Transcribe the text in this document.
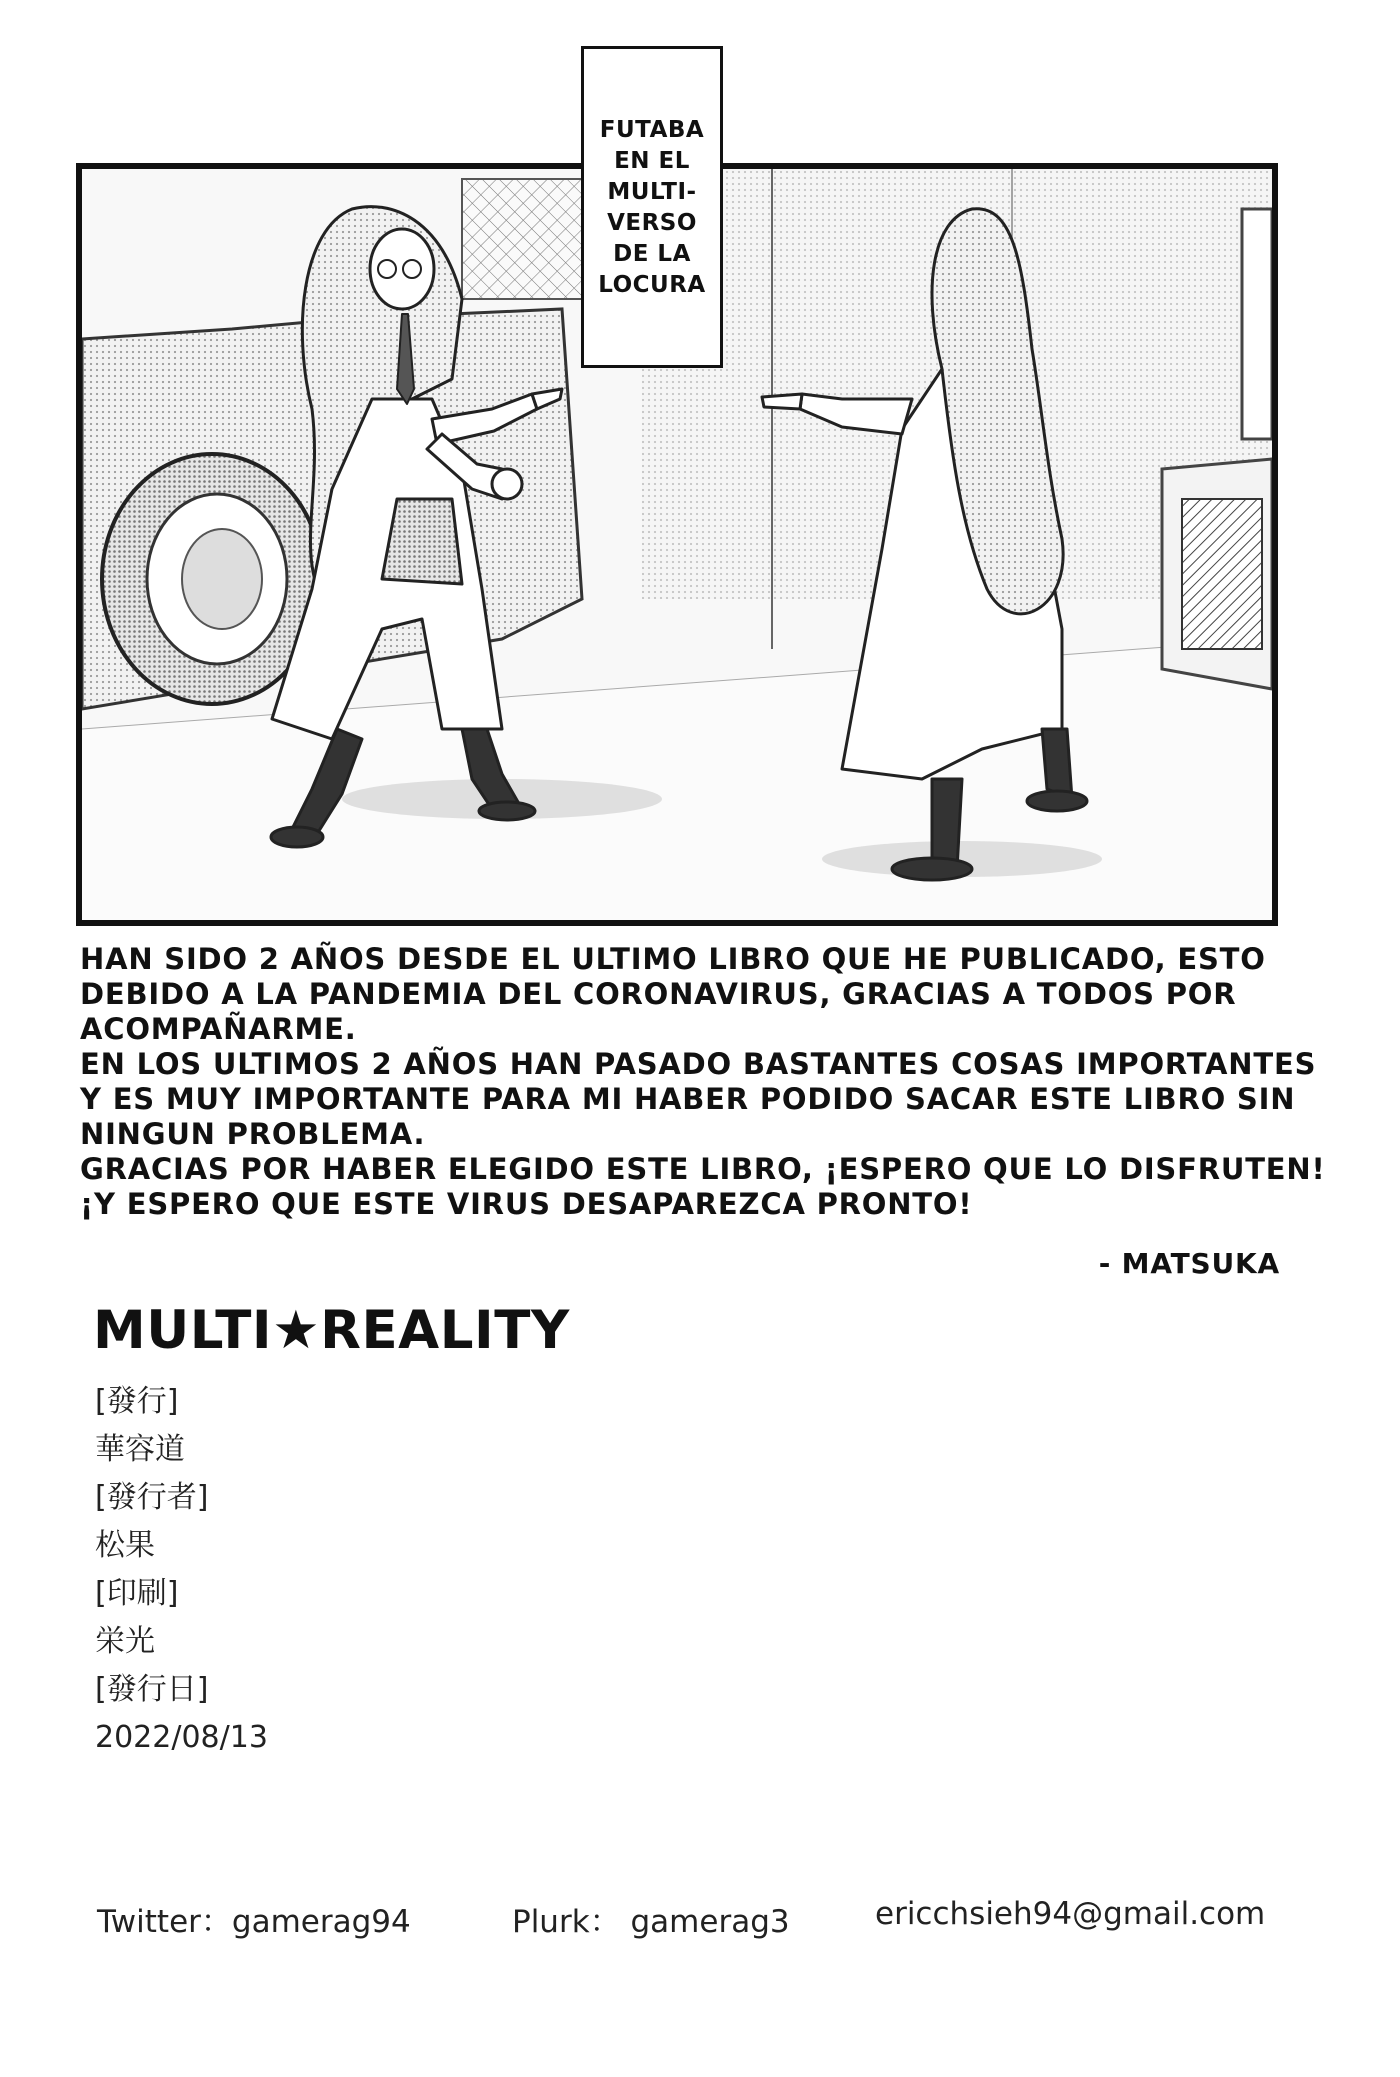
FUTABA
EN EL
MULTI-
VERSO
DE LA
LOCURA

HAN SIDO 2 AÑOS DESDE EL ULTIMO LIBRO QUE HE PUBLICADO, ESTO

DEBIDO A LA PANDEMIA DEL CORONAVIRUS, GRACIAS A TODOS POR

ACOMPAÑARME.

EN LOS ULTIMOS 2 AÑOS HAN PASADO BASTANTES COSAS IMPORTANTES

Y ES MUY IMPORTANTE PARA MI HABER PODIDO SACAR ESTE LIBRO SIN

NINGUN PROBLEMA.

GRACIAS POR HABER ELEGIDO ESTE LIBRO, ¡ESPERO QUE LO DISFRUTEN!

¡Y ESPERO QUE ESTE VIRUS DESAPAREZCA PRONTO!

- MATSUKA
MULTI★REALITY
[發行]
華容道
[發行者]
松果
[印刷]
栄光
[發行日]
2022/08/13
Twitter：gamerag94	Plurk： gamerag3	ericchsieh94@gmail.com
